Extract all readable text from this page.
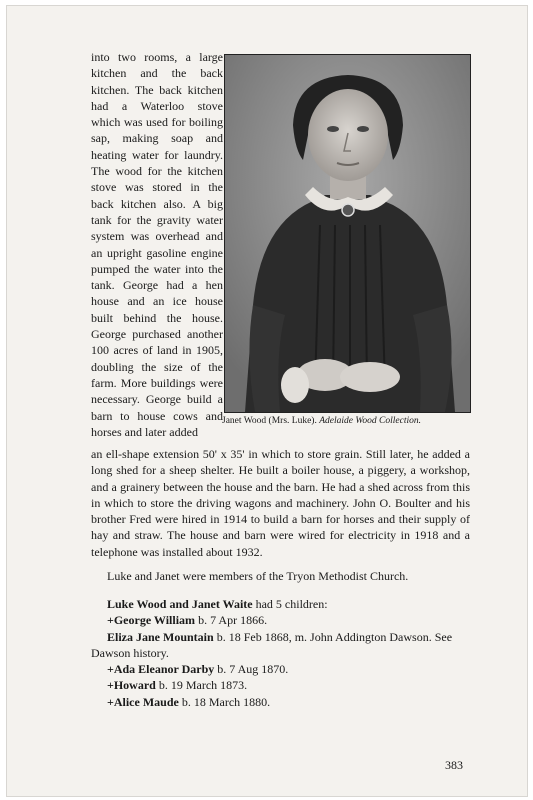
into two rooms, a large kitchen and the back kitchen. The back kitchen had a Waterloo stove which was used for boiling sap, making soap and heating water for laundry. The wood for the kitchen stove was stored in the back kitchen also. A big tank for the gravity water system was overhead and an upright gasoline engine pumped the water into the tank. George had a hen house and an ice house built behind the house. George purchased another 100 acres of land in 1905, doubling the size of the farm. More buildings were necessary. George build a barn to house cows and horses and later added

Janet Wood (Mrs. Luke). Adelaide Wood Collection.

an ell-shape extension 50' x 35' in which to store grain. Still later, he added a long shed for a sheep shelter. He built a boiler house, a piggery, a workshop, and a grainery between the house and the barn. He had a shed across from this in which to store the driving wagons and machinery. John O. Boulter and his brother Fred were hired in 1914 to build a barn for horses and their supply of hay and straw. The house and barn were wired for electricity in 1918 and a telephone was installed about 1932.

Luke and Janet were members of the Tryon Methodist Church.

Luke Wood and Janet Waite had 5 children:

+George William b. 7 Apr 1866.

Eliza Jane Mountain b. 18 Feb 1868, m. John Addington Dawson. See Dawson history.

+Ada Eleanor Darby b. 7 Aug 1870.

+Howard b. 19 March 1873.

+Alice Maude b. 18 March 1880.

383
